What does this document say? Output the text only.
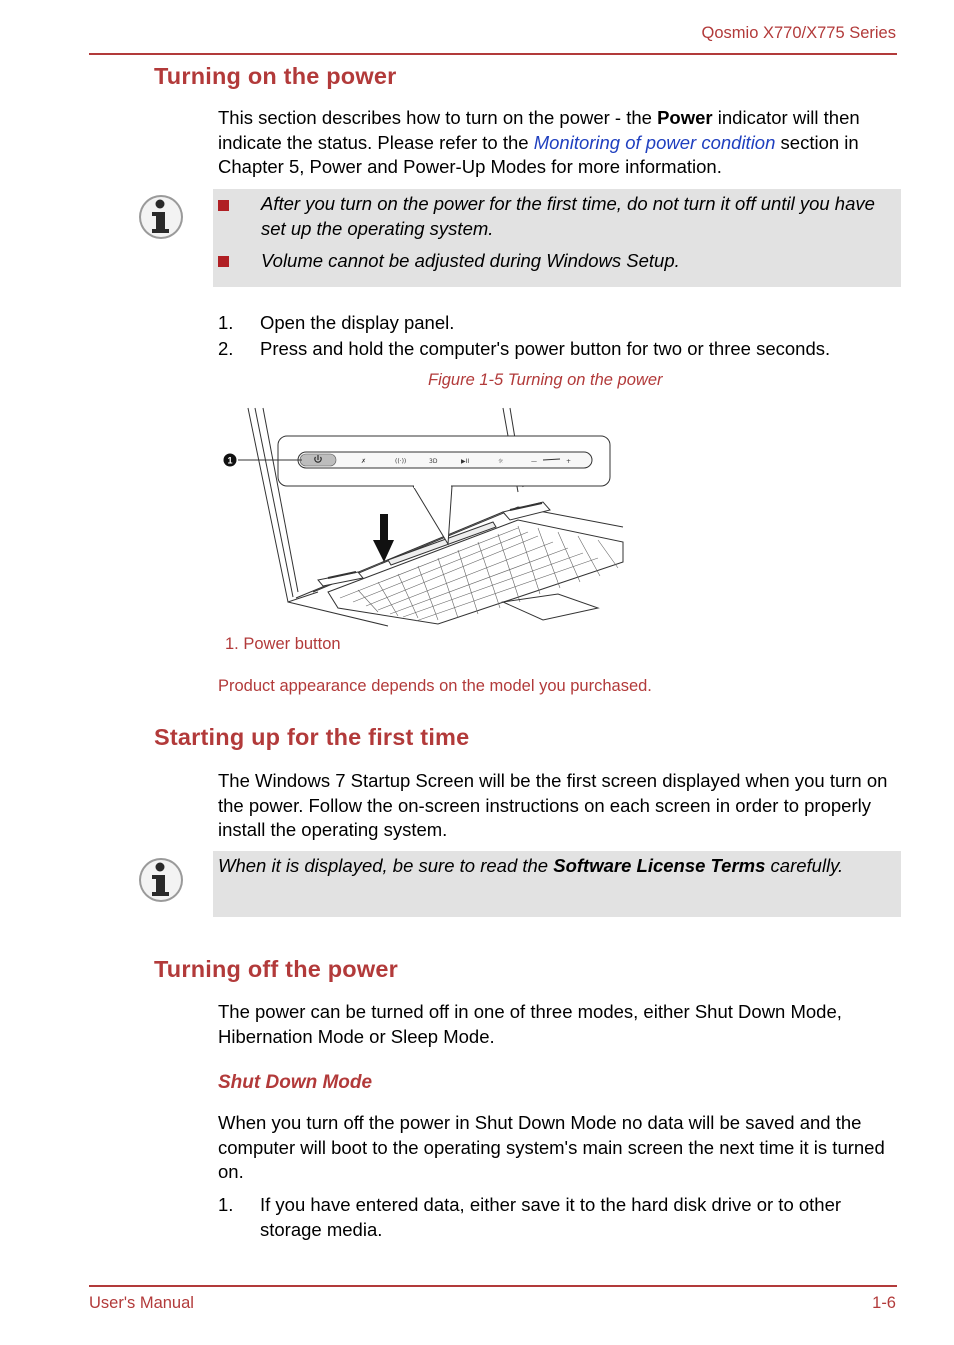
Qosmio X770/X775 Series
Turning on the power
This section describes how to turn on the power - the Power indicator will then indicate the status. Please refer to the Monitoring of power condition section in Chapter 5, Power and Power-Up Modes for more information.
After you turn on the power for the first time, do not turn it off until you have set up the operating system.
Volume cannot be adjusted during Windows Setup.
1. Open the display panel.
2. Press and hold the computer's power button for two or three seconds.
Figure 1-5 Turning on the power
✗	((·))	3D	▶II	☼	—	+
1
1. Power button
Product appearance depends on the model you purchased.
Starting up for the first time
The Windows 7 Startup Screen will be the first screen displayed when you turn on the power. Follow the on-screen instructions on each screen in order to properly install the operating system.
When it is displayed, be sure to read the Software License Terms carefully.
Turning off the power
The power can be turned off in one of three modes, either Shut Down Mode, Hibernation Mode or Sleep Mode.
Shut Down Mode
When you turn off the power in Shut Down Mode no data will be saved and the computer will boot to the operating system's main screen the next time it is turned on.
1. If you have entered data, either save it to the hard disk drive or to other storage media.
User's Manual	1-6
